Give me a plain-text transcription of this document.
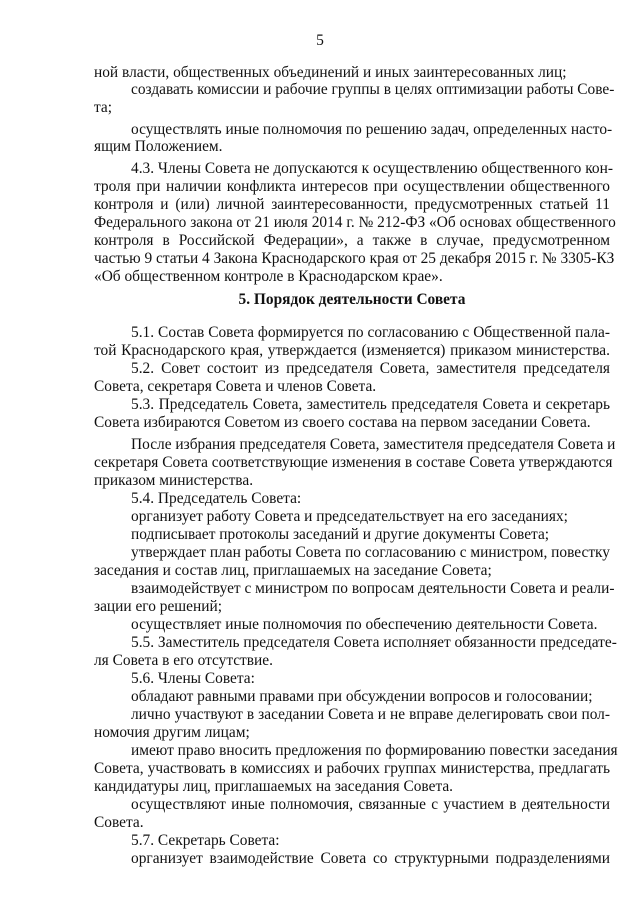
5
5. Порядок деятельности Совета
ной власти, общественных объединений и иных заинтересованных лиц;
создавать комиссии и рабочие группы в целях оптимизации работы Сове-
та;
осуществлять иные полномочия по решению задач, определенных насто-
ящим Положением.
4.3. Члены Совета не допускаются к осуществлению общественного кон-
троля при наличии конфликта интересов при осуществлении общественного
контроля и (или) личной заинтересованности, предусмотренных статьей 11
Федерального закона от 21 июля 2014 г. № 212-ФЗ «Об основах общественного
контроля в Российской Федерации», а также в случае, предусмотренном
частью 9 статьи 4 Закона Краснодарского края от 25 декабря 2015 г. № 3305-КЗ
«Об общественном контроле в Краснодарском крае».
5.1. Состав Совета формируется по согласованию с Общественной пала-
той Краснодарского края, утверждается (изменяется) приказом министерства.
5.2. Совет состоит из председателя Совета, заместителя председателя
Совета, секретаря Совета и членов Совета.
5.3. Председатель Совета, заместитель председателя Совета и секретарь
Совета избираются Советом из своего состава на первом заседании Совета.
После избрания председателя Совета, заместителя председателя Совета и
секретаря Совета соответствующие изменения в составе Совета утверждаются
приказом министерства.
5.4. Председатель Совета:
организует работу Совета и председательствует на его заседаниях;
подписывает протоколы заседаний и другие документы Совета;
утверждает план работы Совета по согласованию с министром, повестку
заседания и состав лиц, приглашаемых на заседание Совета;
взаимодействует с министром по вопросам деятельности Совета и реали-
зации его решений;
осуществляет иные полномочия по обеспечению деятельности Совета.
5.5. Заместитель председателя Совета исполняет обязанности председате-
ля Совета в его отсутствие.
5.6. Члены Совета:
обладают равными правами при обсуждении вопросов и голосовании;
лично участвуют в заседании Совета и не вправе делегировать свои пол-
номочия другим лицам;
имеют право вносить предложения по формированию повестки заседания
Совета, участвовать в комиссиях и рабочих группах министерства, предлагать
кандидатуры лиц, приглашаемых на заседания Совета.
осуществляют иные полномочия, связанные с участием в деятельности
Совета.
5.7. Секретарь Совета:
организует взаимодействие Совета со структурными подразделениями
